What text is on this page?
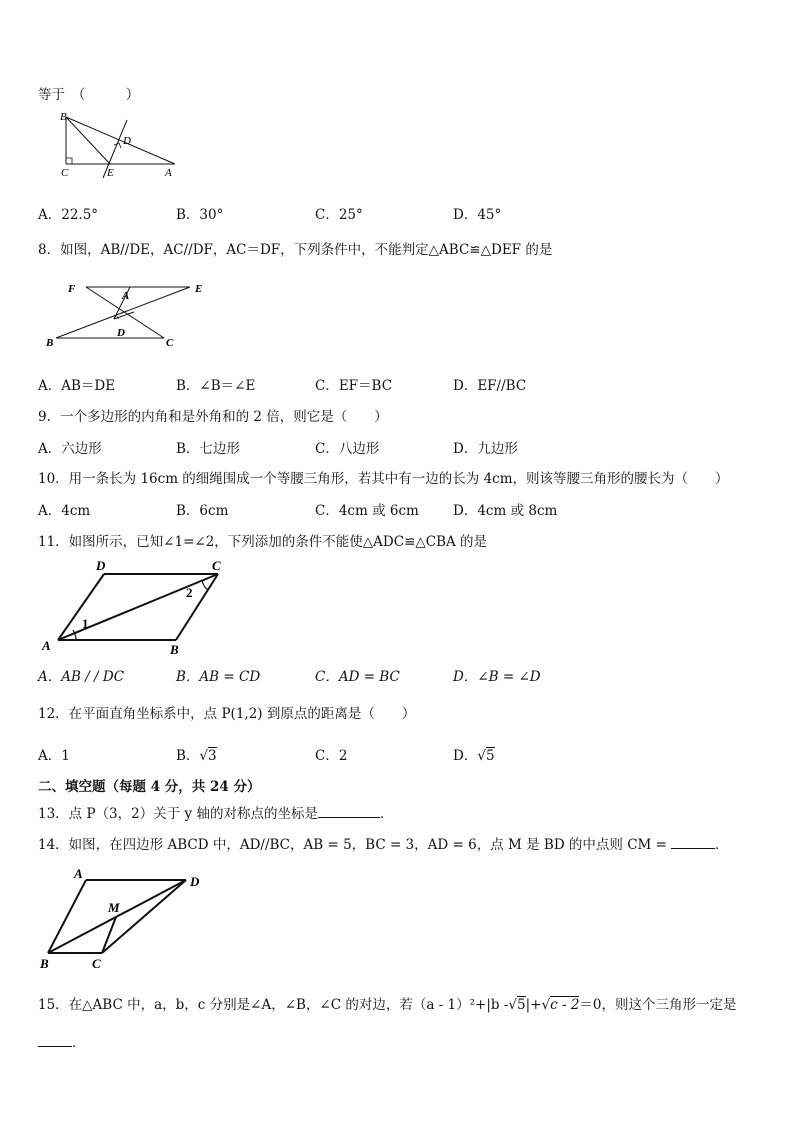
等于　（　　　）
B
C	E
D
A
A．22.5°	B．30°	C．25°	D．45°
8．如图，AB//DE，AC//DF，AC＝DF，下列条件中，不能判定△ABC≌△DEF 的是
F
A
E
D
B	C
A．AB＝DE	B．∠B＝∠E	C．EF＝BC	D．EF//BC
9．一个多边形的内角和是外角和的 2 倍，则它是（　　）
A．六边形	B．七边形	C．八边形	D．九边形
10．用一条长为 16cm 的细绳围成一个等腰三角形，若其中有一边的长为 4cm，则该等腰三角形的腰长为（　　）
A．4cm	B．6cm	C．4cm 或 6cm	D．4cm 或 8cm
11．如图所示，已知∠1=∠2，下列添加的条件不能使△ADC≌△CBA 的是
D	C
A	B
1
2
A．AB / / DC	B．AB = CD	C．AD = BC	D．∠B = ∠D
12．在平面直角坐标系中，点 P(1,2) 到原点的距离是（　　）
A．1	B．√3	C．2	D．√5
二、填空题（每题 4 分，共 24 分）
13．点 P（3，2）关于 y 轴的对称点的坐标是	．
14．如图，在四边形 ABCD 中，AD//BC，AB = 5，BC = 3，AD = 6，点 M 是 BD 的中点则 CM =	．
A
D
M
B	C
15．在△ABC 中，a，b，c 分别是∠A，∠B，∠C 的对边，若（a - 1）²+|b -√5|+√c - 2＝0，则这个三角形一定是
．
